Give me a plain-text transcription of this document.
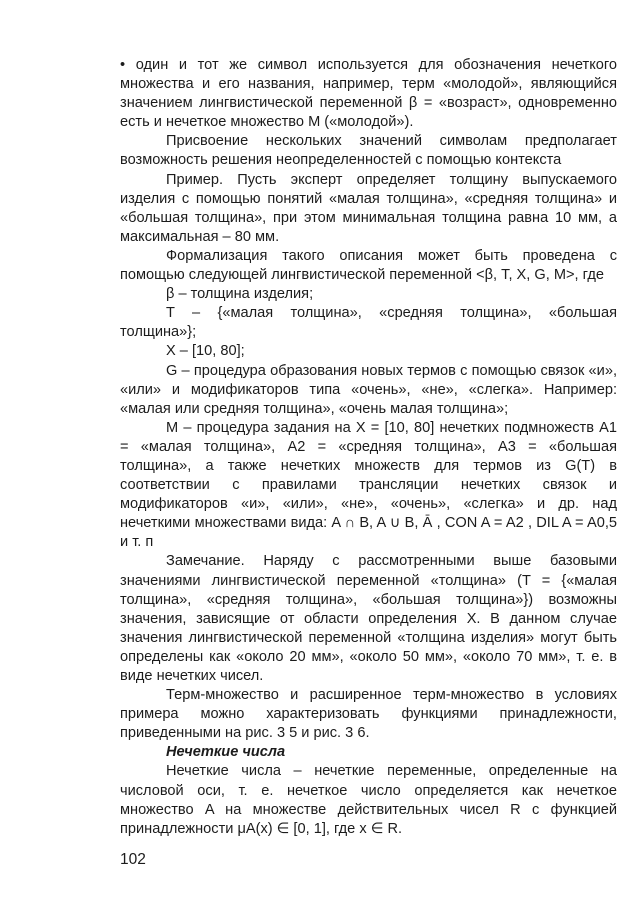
• один и тот же символ используется для обозначения нечеткого множества и его названия, например, терм «молодой», являющийся значением лингвистической переменной β = «возраст», одновременно есть и нечеткое множество M («молодой»).

Присвоение нескольких значений символам предполагает возможность решения неопределенностей с помощью контекста

Пример. Пусть эксперт определяет толщину выпускаемого изделия с помощью понятий «малая толщина», «средняя толщина» и «большая толщина», при этом минимальная толщина равна 10 мм, а максимальная – 80 мм.

Формализация такого описания может быть проведена с помощью следующей лингвистической переменной <β, T, X, G, M>, где

β – толщина изделия;

T – {«малая толщина», «средняя толщина», «большая толщина»};

X – [10, 80];

G – процедура образования новых термов с помощью связок «и», «или» и модификаторов типа «очень», «не», «слегка». Например: «малая или средняя толщина», «очень малая толщина»;

M – процедура задания на X = [10, 80] нечетких подмножеств A1 = «малая толщина», A2 = «средняя толщина», A3 = «большая толщина», а также нечетких множеств для термов из G(T) в соответствии с правилами трансляции нечетких связок и модификаторов «и», «или», «не», «очень», «слегка» и др. над нечеткими множествами вида: A ∩ B, A ∪ B, Ā , CON A = A2 , DIL A = A0,5 и т. п

Замечание. Наряду с рассмотренными выше базовыми значениями лингвистической переменной «толщина» (T = {«малая толщина», «средняя толщина», «большая толщина»}) возможны значения, зависящие от области определения X. В данном случае значения лингвистической переменной «толщина изделия» могут быть определены как «около 20 мм», «около 50 мм», «около 70 мм», т. е. в виде нечетких чисел.

Терм-множество и расширенное терм-множество в условиях примера можно характеризовать функциями принадлежности, приведенными на рис. 3 5 и рис. 3 6.

Нечеткие числа

Нечеткие числа – нечеткие переменные, определенные на числовой оси, т. е. нечеткое число определяется как нечеткое множество A на множестве действительных чисел R с функцией принадлежности μA(x) ∈ [0, 1], где x ∈ R.

102
